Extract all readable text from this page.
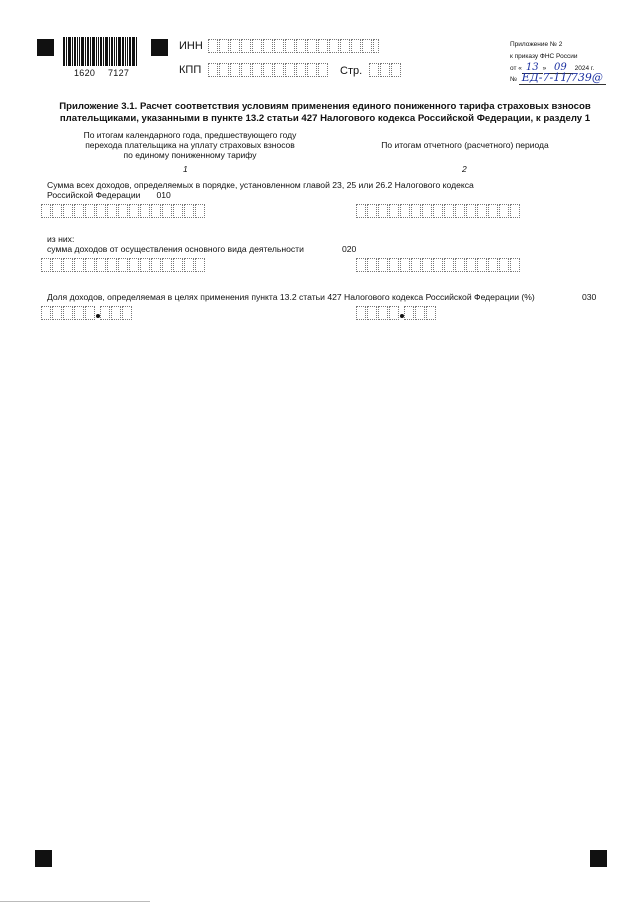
1620 7127
ИНН
КПП	Стр.
Приложение № 2
к приказу ФНС России
от « 13 » 09 2024 г.
№ ЕД-7-11/739@
Приложение 3.1. Расчет соответствия условиям применения единого пониженного тарифа страховых взносов
плательщиками, указанными в пункте 13.2 статьи 427 Налогового кодекса Российской Федерации, к разделу 1
По итогам календарного года, предшествующего году
перехода плательщика на уплату страховых взносов
по единому пониженному тарифу
1
По итогам отчетного (расчетного) периода
2
Сумма всех доходов, определяемых в порядке, установленном главой 23, 25 или 26.2 Налогового кодекса
Российской Федерации 010
из них:
сумма доходов от осуществления основного вида деятельности	020
Доля доходов, определяемая в целях применения пункта 13.2 статьи 427 Налогового кодекса Российской Федерации (%)	030
